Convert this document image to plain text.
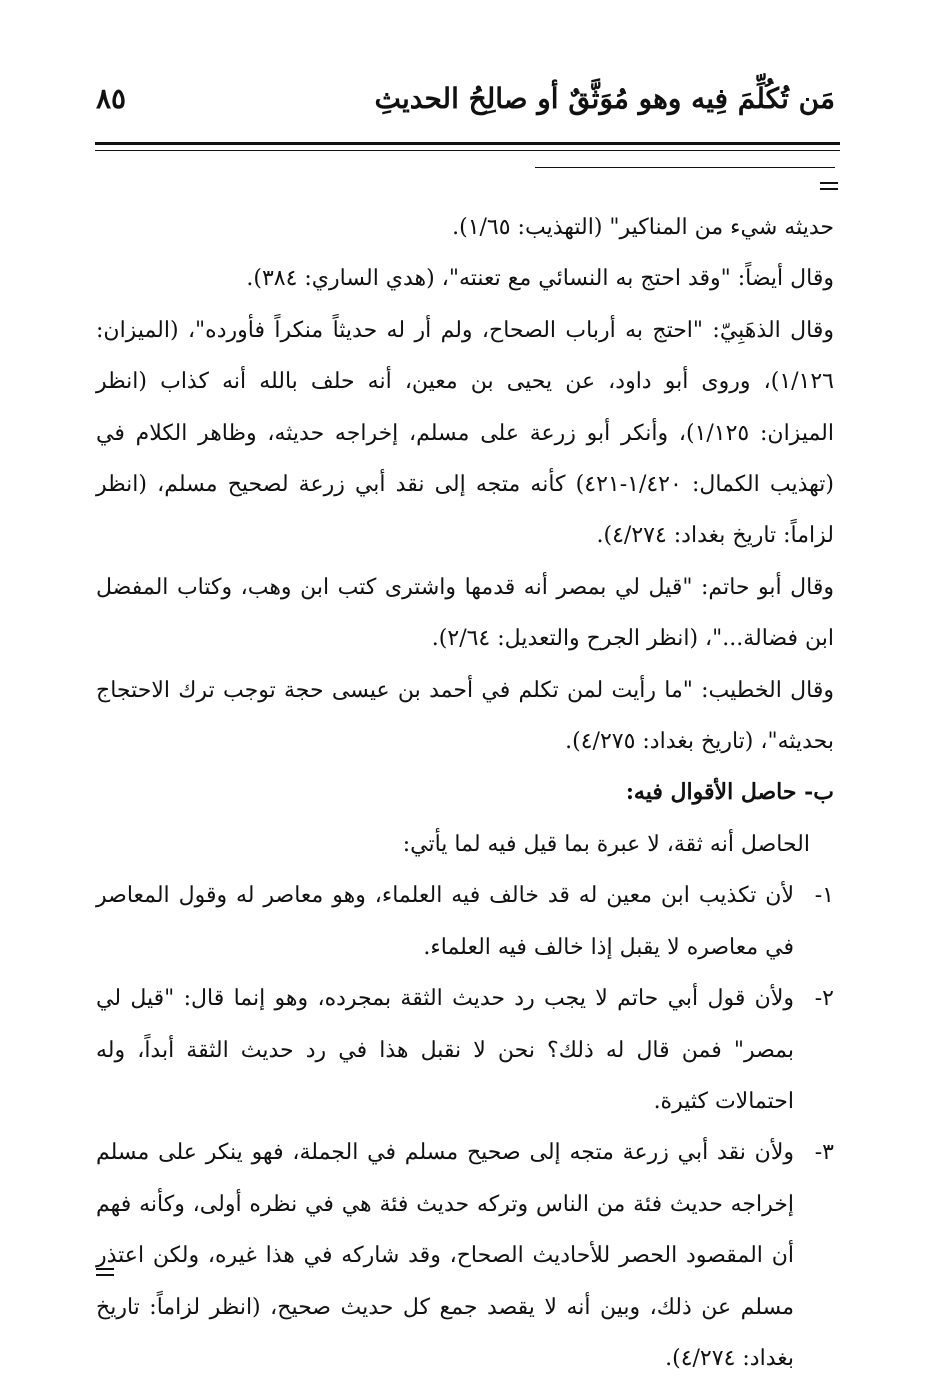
مَن تُكُلِّمَ فِيه وهو مُوَثَّقٌ أو صالِحُ الحديثِ
٨٥

حديثه شيء من المناكير" (التهذيب: ١/٦٥).

وقال أيضاً: "وقد احتج به النسائي مع تعنته"، (هدي الساري: ٣٨٤).

وقال الذهَبِيّ: "احتج به أرباب الصحاح، ولم أر له حديثاً منكراً فأورده"، (الميزان: ١/١٢٦)، وروى أبو داود، عن يحيى بن معين، أنه حلف بالله أنه كذاب (انظر الميزان: ١/١٢٥)، وأنكر أبو زرعة على مسلم، إخراجه حديثه، وظاهر الكلام في (تهذيب الكمال: ١/٤٢٠-٤٢١) كأنه متجه إلى نقد أبي زرعة لصحيح مسلم، (انظر لزاماً: تاريخ بغداد: ٤/٢٧٤).

وقال أبو حاتم: "قيل لي بمصر أنه قدمها واشترى كتب ابن وهب، وكتاب المفضل ابن فضالة..."، (انظر الجرح والتعديل: ٢/٦٤).

وقال الخطيب: "ما رأيت لمن تكلم في أحمد بن عيسى حجة توجب ترك الاحتجاج بحديثه"، (تاريخ بغداد: ٤/٢٧٥).

ب- حاصل الأقوال فيه:

الحاصل أنه ثقة، لا عبرة بما قيل فيه لما يأتي:

١-
لأن تكذيب ابن معين له قد خالف فيه العلماء، وهو معاصر له وقول المعاصر في معاصره لا يقبل إذا خالف فيه العلماء.
٢-
ولأن قول أبي حاتم لا يجب رد حديث الثقة بمجرده، وهو إنما قال: "قيل لي بمصر" فمن قال له ذلك؟ نحن لا نقبل هذا في رد حديث الثقة أبداً، وله احتمالات كثيرة.
٣-
ولأن نقد أبي زرعة متجه إلى صحيح مسلم في الجملة، فهو ينكر على مسلم إخراجه حديث فئة من الناس وتركه حديث فئة هي في نظره أولى، وكأنه فهم أن المقصود الحصر للأحاديث الصحاح، وقد شاركه في هذا غيره، ولكن اعتذر مسلم عن ذلك، وبين أنه لا يقصد جمع كل حديث صحيح، (انظر لزاماً: تاريخ بغداد: ٤/٢٧٤).
